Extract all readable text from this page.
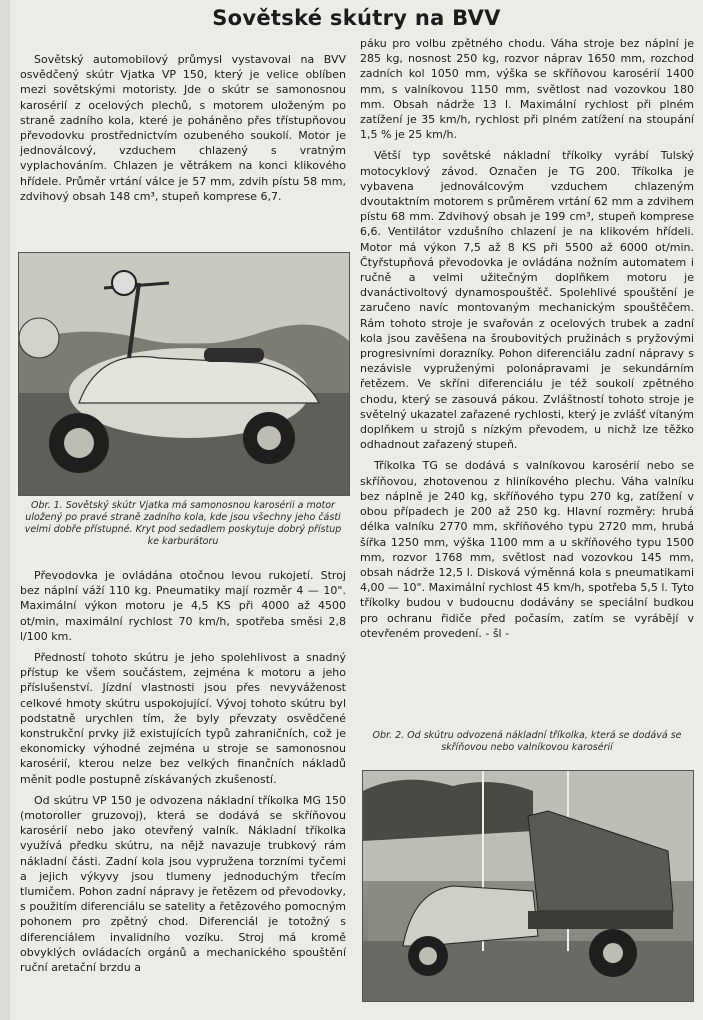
Sovětské skútry na BVV

Sovětský automobilový průmysl vystavoval na BVV osvědčený skútr Vjatka VP 150, který je velice oblíben mezi sovětskými motoristy. Jde o skútr se samonosnou karosérií z ocelových plechů, s motorem uloženým po straně zadního kola, které je poháněno přes třístupňovou převodovku prostřednictvím ozubeného soukolí. Motor je jednoválcový, vzduchem chlazený s vratným vyplachováním. Chlazen je větrákem na konci klikového hřídele. Průměr vrtání válce je 57 mm, zdvih pístu 58 mm, zdvihový obsah 148 cm³, stupeň komprese 6,7.

Obr. 1. Sovětský skútr Vjatka má samonosnou karosérii a motor uložený po pravé straně zadního kola, kde jsou všechny jeho části velmi dobře přístupné. Kryt pod sedadlem poskytuje dobrý přístup ke karburátoru

Převodovka je ovládána otočnou levou rukojetí. Stroj bez náplní váží 110 kg. Pneumatiky mají rozměr 4 — 10". Maximální výkon motoru je 4,5 KS při 4000 až 4500 ot/min, maximální rychlost 70 km/h, spotřeba směsi 2,8 l/100 km.

Předností tohoto skútru je jeho spolehlivost a snadný přístup ke všem součástem, zejména k motoru a jeho příslušenství. Jízdní vlastnosti jsou přes nevyváženost celkové hmoty skútru uspokojující. Vývoj tohoto skútru byl podstatně urychlen tím, že byly převzaty osvědčené konstrukční prvky již existujících typů zahraničních, což je ekonomicky výhodné zejména u stroje se samonosnou karosérií, kterou nelze bez velkých finančních nákladů měnit podle postupně získávaných zkušeností.

Od skútru VP 150 je odvozena nákladní tříkolka MG 150 (motoroller gruzovoj), která se dodává se skříňovou karosérií nebo jako otevřený valník. Nákladní tříkolka využívá předku skútru, na nějž navazuje trubkový rám nákladní části. Zadní kola jsou vypružena torzními tyčemi a jejich výkyvy jsou tlumeny jednoduchým třecím tlumičem. Pohon zadní nápravy je řetězem od převodovky, s použitím diferenciálu se satelity a řetězového pomocným pohonem pro zpětný chod. Diferenciál je totožný s diferenciálem invalidního vozíku. Stroj má kromě obvyklých ovládacích orgánů a mechanického spouštění ruční aretační brzdu a

páku pro volbu zpětného chodu. Váha stroje bez náplní je 285 kg, nosnost 250 kg, rozvor náprav 1650 mm, rozchod zadních kol 1050 mm, výška se skříňovou karosérií 1400 mm, s valníkovou 1150 mm, světlost nad vozovkou 180 mm. Obsah nádrže 13 l. Maximální rychlost při plném zatížení je 35 km/h, rychlost při plném zatížení na stoupání 1,5 % je 25 km/h.

Větší typ sovětské nákladní tříkolky vyrábí Tulský motocyklový závod. Označen je TG 200. Tříkolka je vybavena jednoválcovým vzduchem chlazeným dvoutaktním motorem s průměrem vrtání 62 mm a zdvihem pístu 68 mm. Zdvihový obsah je 199 cm³, stupeň komprese 6,6. Ventilátor vzdušního chlazení je na klikovém hřídeli. Motor má výkon 7,5 až 8 KS při 5500 až 6000 ot/min. Čtyřstupňová převodovka je ovládána nožním automatem i ručně a velmi užitečným doplňkem motoru je dvanáctivoltový dynamospouštěč. Spolehlivé spouštění je zaručeno navíc montovaným mechanickým spouštěčem. Rám tohoto stroje je svařován z ocelových trubek a zadní kola jsou zavěšena na šroubovitých pružinách s pryžovými progresivními dorazníky. Pohon diferenciálu zadní nápravy s nezávisle vypruženými polonápravami je sekundárním řetězem. Ve skříni diferenciálu je též soukolí zpětného chodu, který se zasouvá pákou. Zvláštností tohoto stroje je světelný ukazatel zařazené rychlosti, který je zvlášť vítaným doplňkem u strojů s nízkým převodem, u nichž lze těžko odhadnout zařazený stupeň.

Tříkolka TG se dodává s valníkovou karosérií nebo se skříňovou, zhotovenou z hliníkového plechu. Váha valníku bez náplně je 240 kg, skříňového typu 270 kg, zatížení v obou případech je 200 až 250 kg. Hlavní rozměry: hrubá délka valníku 2770 mm, skříňového typu 2720 mm, hrubá šířka 1250 mm, výška 1100 mm a u skříňového typu 1500 mm, rozvor 1768 mm, světlost nad vozovkou 145 mm, obsah nádrže 12,5 l. Disková výměnná kola s pneumatikami 4,00 — 10". Maximální rychlost 45 km/h, spotřeba 5,5 l. Tyto tříkolky budou v budoucnu dodávány se speciální budkou pro ochranu řidiče před počasím, zatím se vyrábějí v otevřeném provedení. - šl -

Obr. 2. Od skútru odvozená nákladní tříkolka, která se dodává se skříňovou nebo valníkovou karosérií
